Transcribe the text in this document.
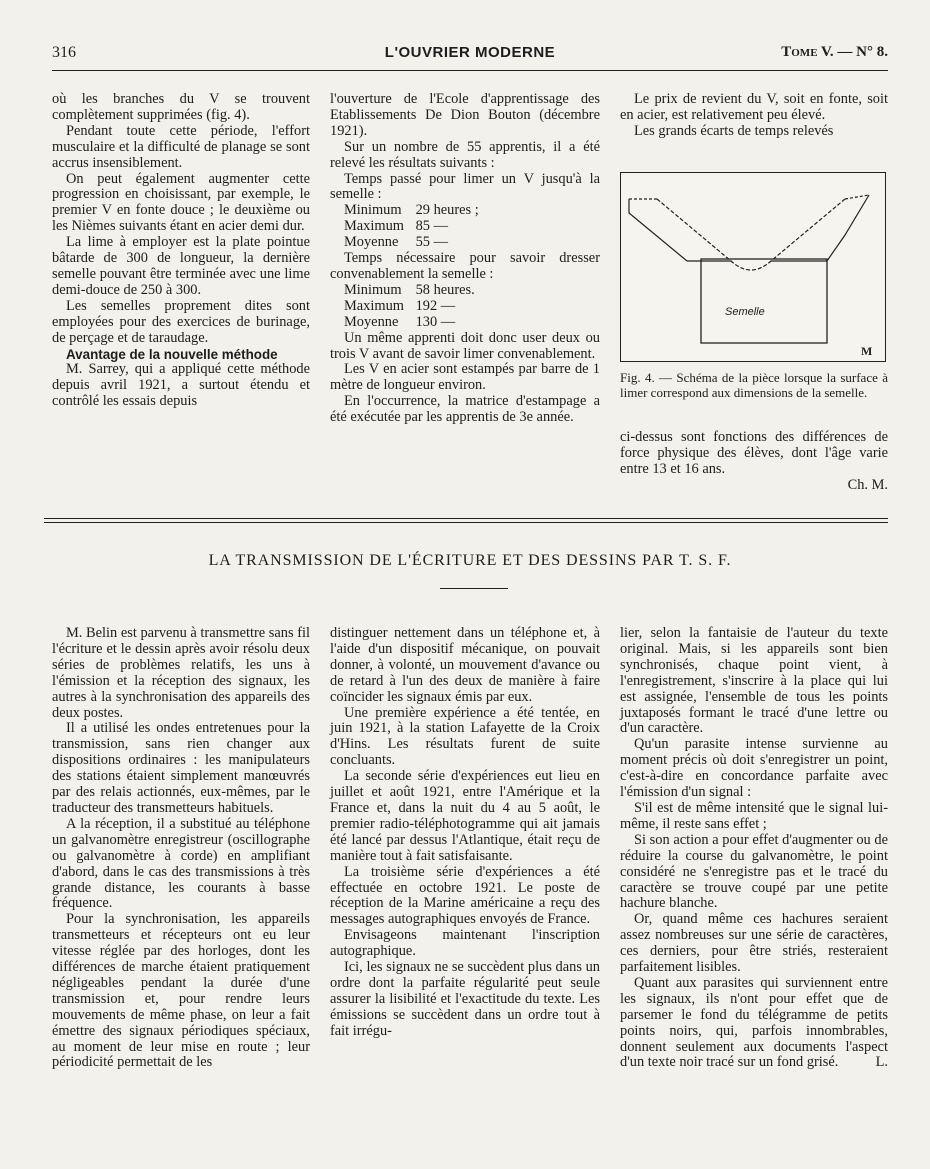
316	L'OUVRIER MODERNE	Tome V. — N° 8.

où les branches du V se trouvent complètement supprimées (fig. 4).

Pendant toute cette période, l'effort musculaire et la difficulté de planage se sont accrus insensiblement.

On peut également augmenter cette progression en choisissant, par exemple, le premier V en fonte douce ; le deuxième ou les Nièmes suivants étant en acier demi dur.

La lime à employer est la plate pointue bâtarde de 300 de longueur, la dernière semelle pouvant être terminée avec une lime demi-douce de 250 à 300.

Les semelles proprement dites sont employées pour des exercices de burinage, de perçage et de taraudage.

Avantage de la nouvelle méthode

M. Sarrey, qui a appliqué cette méthode depuis avril 1921, a surtout étendu et contrôlé les essais depuis

l'ouverture de l'Ecole d'apprentissage des Etablissements De Dion Bouton (décembre 1921).

Sur un nombre de 55 apprentis, il a été relevé les résultats suivants :

Temps passé pour limer un V jusqu'à la semelle :

Minimum 29 heures ;

Maximum 85 —

Moyenne 55 —

Temps nécessaire pour savoir dresser convenablement la semelle :

Minimum 58 heures.

Maximum 192 —

Moyenne 130 —

Un même apprenti doit donc user deux ou trois V avant de savoir limer convenablement.

Les V en acier sont estampés par barre de 1 mètre de longueur environ.

En l'occurrence, la matrice d'estampage a été exécutée par les apprentis de 3e année.

Le prix de revient du V, soit en fonte, soit en acier, est relativement peu élevé.

Les grands écarts de temps relevés

M
Semelle
Fig. 4. — Schéma de la pièce lorsque la surface à limer correspond aux dimensions de la semelle.

ci-dessus sont fonctions des différences de force physique des élèves, dont l'âge varie entre 13 et 16 ans.

Ch. M.

LA TRANSMISSION DE L'ÉCRITURE ET DES DESSINS PAR T. S. F.

M. Belin est parvenu à transmettre sans fil l'écriture et le dessin après avoir résolu deux séries de problèmes relatifs, les uns à l'émission et la réception des signaux, les autres à la synchronisation des appareils des deux postes.

Il a utilisé les ondes entretenues pour la transmission, sans rien changer aux dispositions ordinaires : les manipulateurs des stations étaient simplement manœuvrés par des relais actionnés, eux-mêmes, par le traducteur des transmetteurs habituels.

A la réception, il a substitué au téléphone un galvanomètre enregistreur (oscillographe ou galvanomètre à corde) en amplifiant d'abord, dans le cas des transmissions à très grande distance, les courants à basse fréquence.

Pour la synchronisation, les appareils transmetteurs et récepteurs ont eu leur vitesse réglée par des horloges, dont les différences de marche étaient pratiquement négligeables pendant la durée d'une transmission et, pour rendre leurs mouvements de même phase, on leur a fait émettre des signaux périodiques spéciaux, au moment de leur mise en route ; leur périodicité permettait de les

distinguer nettement dans un téléphone et, à l'aide d'un dispositif mécanique, on pouvait donner, à volonté, un mouvement d'avance ou de retard à l'un des deux de manière à faire coïncider les signaux émis par eux.

Une première expérience a été tentée, en juin 1921, à la station Lafayette de la Croix d'Hins. Les résultats furent de suite concluants.

La seconde série d'expériences eut lieu en juillet et août 1921, entre l'Amérique et la France et, dans la nuit du 4 au 5 août, le premier radio-téléphotogramme qui ait jamais été lancé par dessus l'Atlantique, était reçu de manière tout à fait satisfaisante.

La troisième série d'expériences a été effectuée en octobre 1921. Le poste de réception de la Marine américaine a reçu des messages autographiques envoyés de France.

Envisageons maintenant l'inscription autographique.

Ici, les signaux ne se succèdent plus dans un ordre dont la parfaite régularité peut seule assurer la lisibilité et l'exactitude du texte. Les émissions se succèdent dans un ordre tout à fait irrégu-

lier, selon la fantaisie de l'auteur du texte original. Mais, si les appareils sont bien synchronisés, chaque point vient, à l'enregistrement, s'inscrire à la place qui lui est assignée, l'ensemble de tous les points juxtaposés formant le tracé d'une lettre ou d'un caractère.

Qu'un parasite intense survienne au moment précis où doit s'enregistrer un point, c'est-à-dire en concordance parfaite avec l'émission d'un signal :

S'il est de même intensité que le signal lui-même, il reste sans effet ;

Si son action a pour effet d'augmenter ou de réduire la course du galvanomètre, le point considéré ne s'enregistre pas et le tracé du caractère se trouve coupé par une petite hachure blanche.

Or, quand même ces hachures seraient assez nombreuses sur une série de caractères, ces derniers, pour être striés, resteraient parfaitement lisibles.

Quant aux parasites qui surviennent entre les signaux, ils n'ont pour effet que de parsemer le fond du télégramme de petits points noirs, qui, parfois innombrables, donnent seulement aux documents l'aspect d'un texte noir tracé sur un fond grisé.	L.
